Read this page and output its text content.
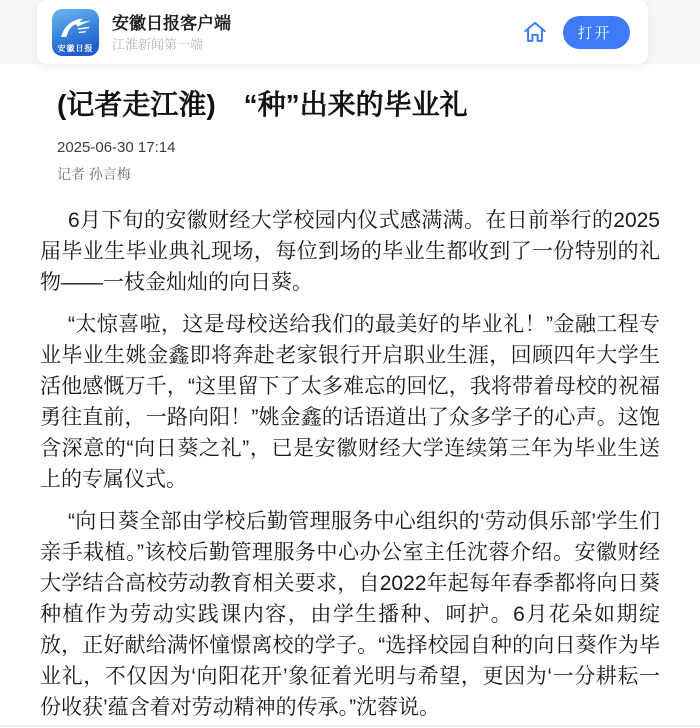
安徽日报
安徽日报客户端
江淮新闻第一端
打开
(记者走江淮)　“种”出来的毕业礼
2025-06-30 17:14
记者 孙言梅

6月下旬的安徽财经大学校园内仪式感满满。在日前举行的2025届毕业生毕业典礼现场，每位到场的毕业生都收到了一份特别的礼物——一枝金灿灿的向日葵。

“太惊喜啦，这是母校送给我们的最美好的毕业礼！”金融工程专业毕业生姚金鑫即将奔赴老家银行开启职业生涯，回顾四年大学生活他感慨万千，“这里留下了太多难忘的回忆，我将带着母校的祝福勇往直前，一路向阳！”姚金鑫的话语道出了众多学子的心声。这饱含深意的“向日葵之礼”，已是安徽财经大学连续第三年为毕业生送上的专属仪式。

“向日葵全部由学校后勤管理服务中心组织的‘劳动俱乐部’学生们亲手栽植。”该校后勤管理服务中心办公室主任沈蓉介绍。安徽财经大学结合高校劳动教育相关要求，自2022年起每年春季都将向日葵种植作为劳动实践课内容，由学生播种、呵护。6月花朵如期绽放，正好献给满怀憧憬离校的学子。“选择校园自种的向日葵作为毕业礼，不仅因为‘向阳花开’象征着光明与希望，更因为‘一分耕耘一份收获’蕴含着对劳动精神的传承。”沈蓉说。
